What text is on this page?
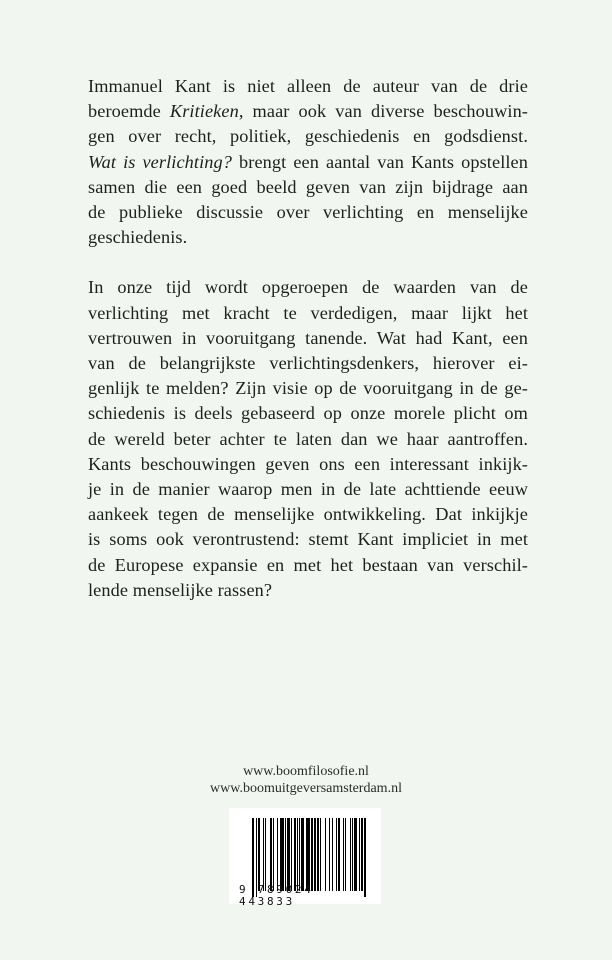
Immanuel Kant is niet alleen de auteur van de drie
beroemde Kritieken, maar ook van diverse beschouwin-
gen over recht, politiek, geschiedenis en godsdienst.
Wat is verlichting? brengt een aantal van Kants opstellen
samen die een goed beeld geven van zijn bijdrage aan
de publieke discussie over verlichting en menselijke
geschiedenis.
In onze tijd wordt opgeroepen de waarden van de
verlichting met kracht te verdedigen, maar lijkt het
vertrouwen in vooruitgang tanende. Wat had Kant, een
van de belangrijkste verlichtingsdenkers, hierover ei-
genlijk te melden? Zijn visie op de vooruitgang in de ge-
schiedenis is deels gebaseerd op onze morele plicht om
de wereld beter achter te laten dan we haar aantroffen.
Kants beschouwingen geven ons een interessant inkijk-
je in de manier waarop men in de late achttiende eeuw
aankeek tegen de menselijke ontwikkeling. Dat inkijkje
is soms ook verontrustend: stemt Kant impliciet in met
de Europese expansie en met het bestaan van verschil-
lende menselijke rassen?
www.boomfilosofie.nl
www.boomuitgeversamsterdam.nl
9 789024 443833
